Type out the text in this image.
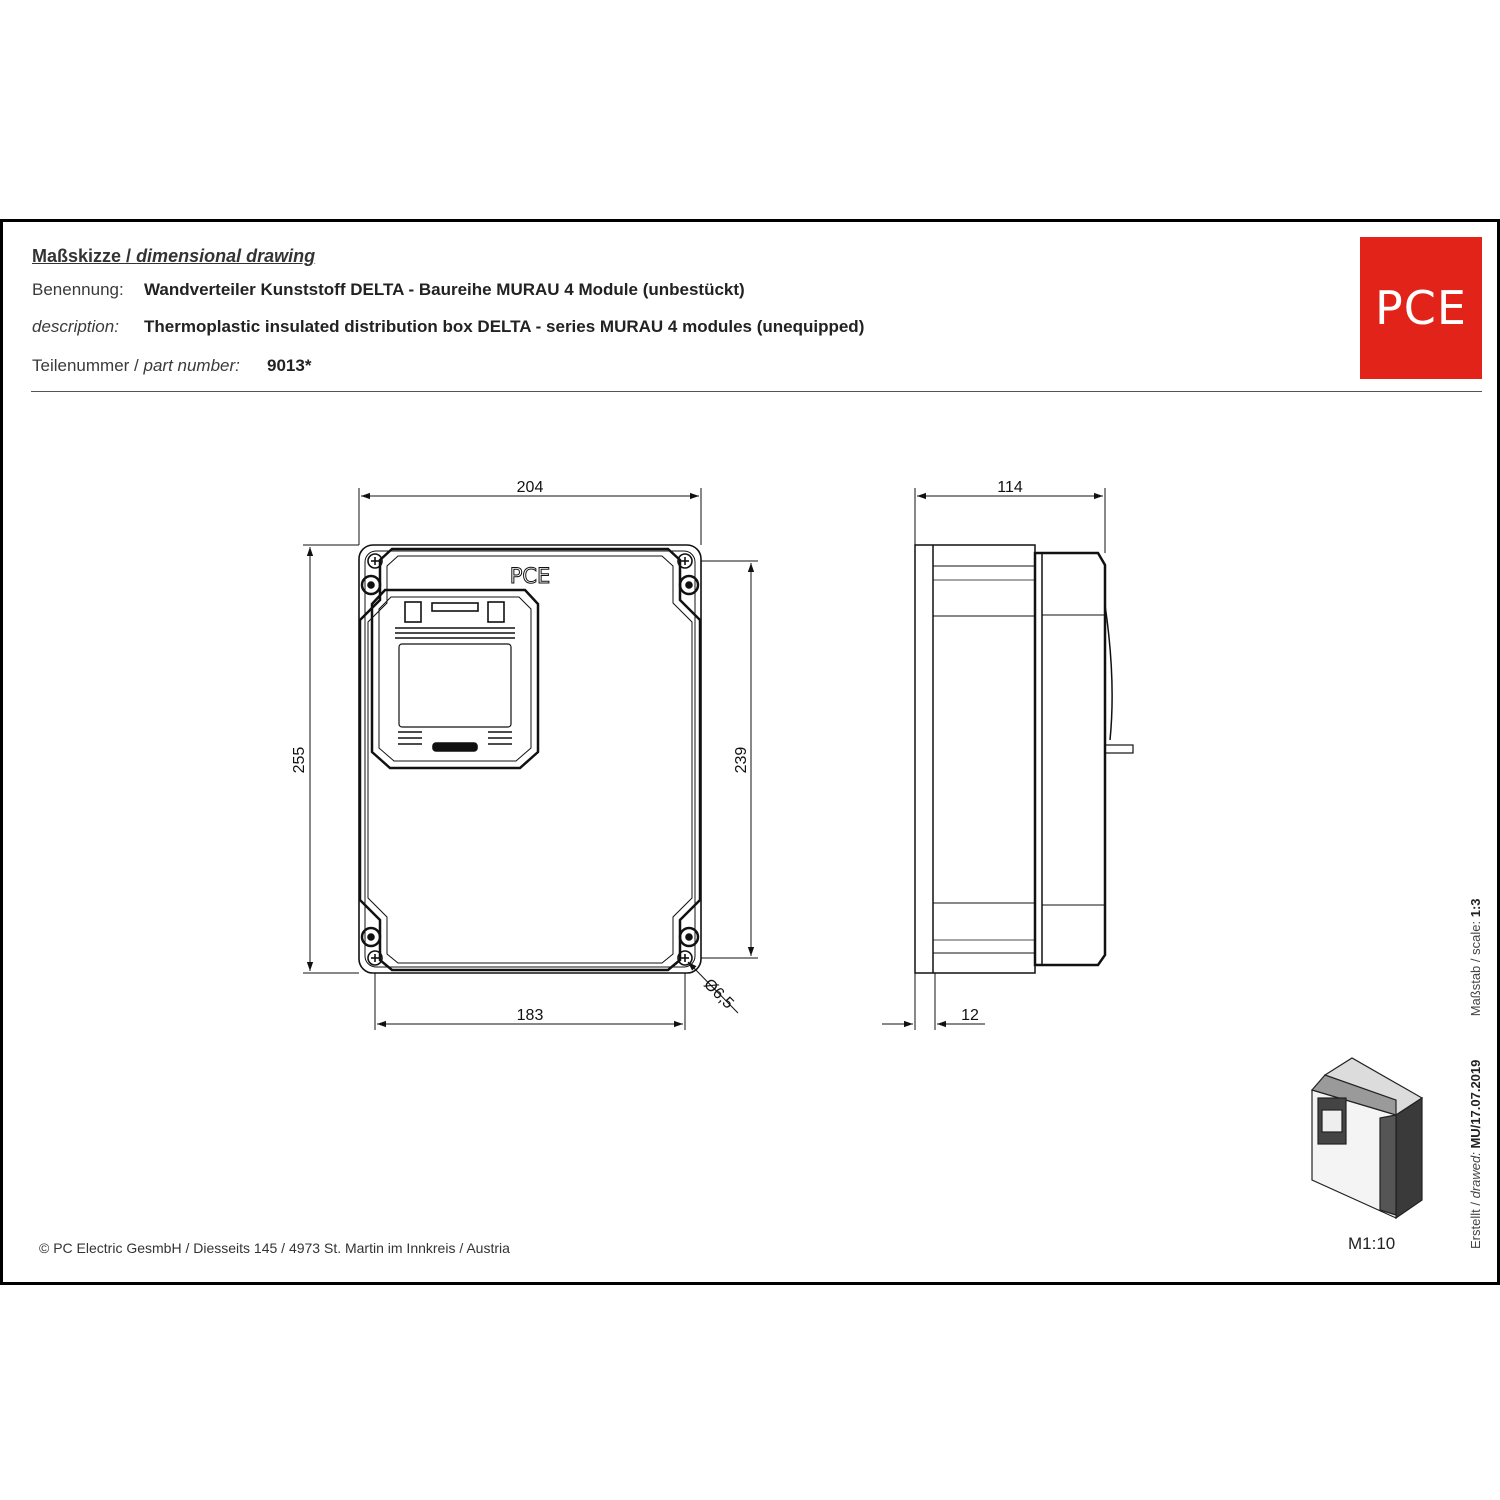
Maßskizze / dimensional drawing
Benennung: Wandverteiler Kunststoff DELTA - Baureihe MURAU 4 Module (unbestückt)
description: Thermoplastic insulated distribution box DELTA - series MURAU 4 modules (unequipped)
Teilenummer / part number: 9013*
PCE
© PC Electric GesmbH / Diesseits 145 / 4973 St. Martin im Innkreis / Austria	M1:10	Erstellt / drawed: MU/17.07.2019            Maßstab / scale: 1:3
PCE
204
255	239
183
Ø6,5
114
12
